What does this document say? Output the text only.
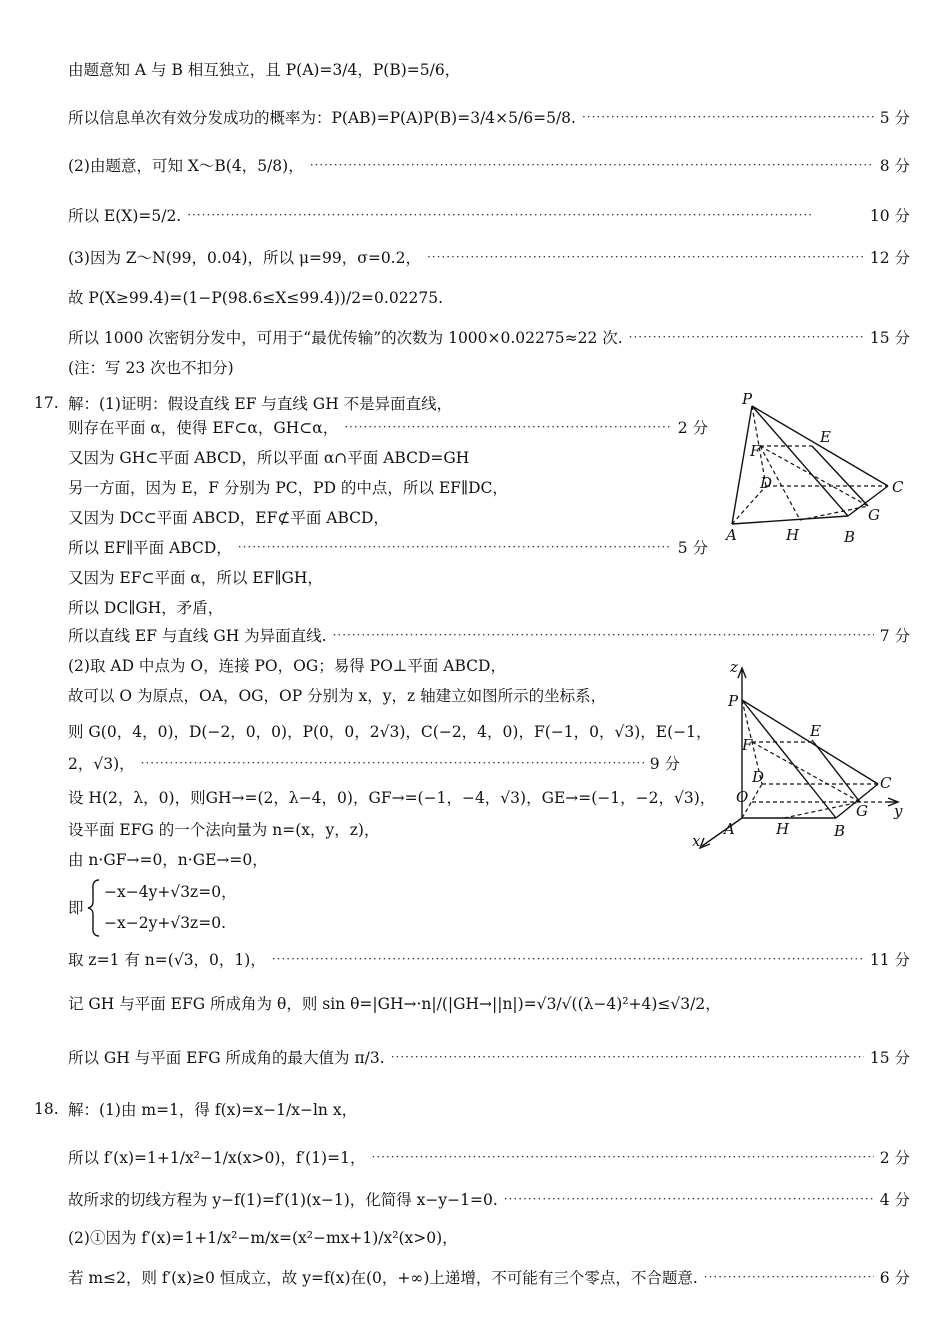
由题意知 A 与 B 相互独立，且 P(A)=3/4，P(B)=5/6，
所以信息单次有效分发成功的概率为：P(AB)=P(A)P(B)=3/4×5/6=5/8. ·····	5 分
(2)由题意，可知 X～B(4，5/8)， ·····	8 分
所以 E(X)=5/2. ·····	10 分
(3)因为 Z～N(99，0.04)，所以 μ=99，σ=0.2， ·····	12 分
故 P(X≥99.4)=(1−P(98.6≤X≤99.4))/2=0.02275.
所以 1000 次密钥分发中，可用于“最优传输”的次数为 1000×0.02275≈22 次. ·····	15 分
(注：写 23 次也不扣分)
17. 解：(1)证明：假设直线 EF 与直线 GH 不是异面直线，
则存在平面 α，使得 EF⊂α，GH⊂α， ·····	2 分
又因为 GH⊂平面 ABCD，所以平面 α∩平面 ABCD=GH
另一方面，因为 E，F 分别为 PC，PD 的中点，所以 EF∥DC，
又因为 DC⊂平面 ABCD，EF⊄平面 ABCD，
所以 EF∥平面 ABCD， ·····	5 分
又因为 EF⊂平面 α，所以 EF∥GH，
所以 DC∥GH，矛盾，
所以直线 EF 与直线 GH 为异面直线. ·····	7 分
(2)取 AD 中点为 O，连接 PO，OG；易得 PO⊥平面 ABCD，
故可以 O 为原点，OA，OG，OP 分别为 x，y，z 轴建立如图所示的坐标系，
则 G(0，4，0)，D(−2，0，0)，P(0，0，2√3)，C(−2，4，0)，F(−1，0，√3)，E(−1，
2，√3)， ·····	9 分
设 H(2，λ，0)，则GH→=(2，λ−4，0)，GF→=(−1，−4，√3)，GE→=(−1，−2，√3)，
设平面 EFG 的一个法向量为 n=(x，y，z)，
由 n·GF→=0，n·GE→=0，
即
−x−4y+√3z=0，
−x−2y+√3z=0.
取 z=1 有 n=(√3，0，1)， ·····	11 分
记 GH 与平面 EFG 所成角为 θ，则 sin θ=|GH→·n|/(|GH→||n|)=√3/√((λ−4)²+4)≤√3/2，
所以 GH 与平面 EFG 所成角的最大值为 π/3. ·····	15 分
18. 解：(1)由 m=1，得 f(x)=x−1/x−ln x，
所以 f′(x)=1+1/x²−1/x(x>0)，f′(1)=1， ·····	2 分
故所求的切线方程为 y−f(1)=f′(1)(x−1)，化简得 x−y−1=0. ·····	4 分
(2)①因为 f′(x)=1+1/x²−m/x=(x²−mx+1)/x²(x>0)，
若 m≤2，则 f′(x)≥0 恒成立，故 y=f(x)在(0，+∞)上递增，不可能有三个零点，不合题意. ·····	6 分
P
E
F
D	C
G
A	H	B
z
P
E
F
D
O
C
G y
A	H	B
x
